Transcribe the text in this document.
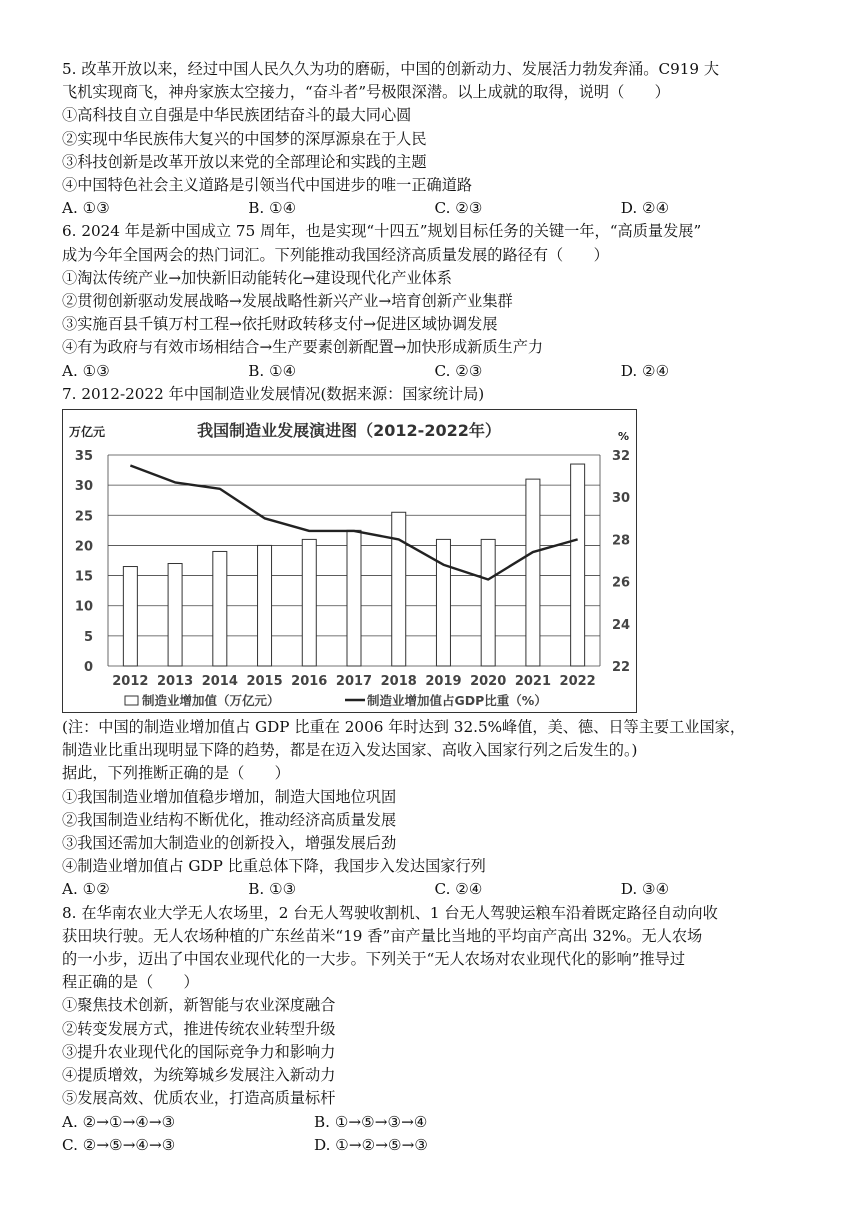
5. 改革开放以来，经过中国人民久久为功的磨砺，中国的创新动力、发展活力勃发奔涌。C919 大
飞机实现商飞，神舟家族太空接力，“奋斗者”号极限深潜。以上成就的取得，说明（　　）
①高科技自立自强是中华民族团结奋斗的最大同心圆
②实现中华民族伟大复兴的中国梦的深厚源泉在于人民
③科技创新是改革开放以来党的全部理论和实践的主题
④中国特色社会主义道路是引领当代中国进步的唯一正确道路
A. ①③	B. ①④	C. ②③	D. ②④
6. 2024 年是新中国成立 75 周年，也是实现“十四五”规划目标任务的关键一年，“高质量发展”
成为今年全国两会的热门词汇。下列能推动我国经济高质量发展的路径有（　　）
①淘汰传统产业→加快新旧动能转化→建设现代化产业体系
②贯彻创新驱动发展战略→发展战略性新兴产业→培育创新产业集群
③实施百县千镇万村工程→依托财政转移支付→促进区域协调发展
④有为政府与有效市场相结合→生产要素创新配置→加快形成新质生产力
A. ①③	B. ①④	C. ②③	D. ②④
7. 2012-2022 年中国制造业发展情况(数据来源：国家统计局)
我国制造业发展演进图（2012-2022年）
万亿元	%
0
5
10
15
20
25
30
35
22
24
26
28
30
32
2012 2013 2014 2015 2016 2017 2018 2019 2020 2021 2022
制造业增加值（万亿元）	制造业增加值占GDP比重（%）
(注：中国的制造业增加值占 GDP 比重在 2006 年时达到 32.5%峰值，美、德、日等主要工业国家，
制造业比重出现明显下降的趋势，都是在迈入发达国家、高收入国家行列之后发生的。)
据此，下列推断正确的是（　　）
①我国制造业增加值稳步增加，制造大国地位巩固
②我国制造业结构不断优化，推动经济高质量发展
③我国还需加大制造业的创新投入，增强发展后劲
④制造业增加值占 GDP 比重总体下降，我国步入发达国家行列
A. ①②	B. ①③	C. ②④	D. ③④
8. 在华南农业大学无人农场里，2 台无人驾驶收割机、1 台无人驾驶运粮车沿着既定路径自动向收
获田块行驶。无人农场种植的广东丝苗米“19 香”亩产量比当地的平均亩产高出 32%。无人农场
的一小步，迈出了中国农业现代化的一大步。下列关于“无人农场对农业现代化的影响”推导过
程正确的是（　　）
①聚焦技术创新，新智能与农业深度融合
②转变发展方式，推进传统农业转型升级
③提升农业现代化的国际竞争力和影响力
④提质增效，为统筹城乡发展注入新动力
⑤发展高效、优质农业，打造高质量标杆
A. ②→①→④→③	B. ①→⑤→③→④
C. ②→⑤→④→③	D. ①→②→⑤→③
